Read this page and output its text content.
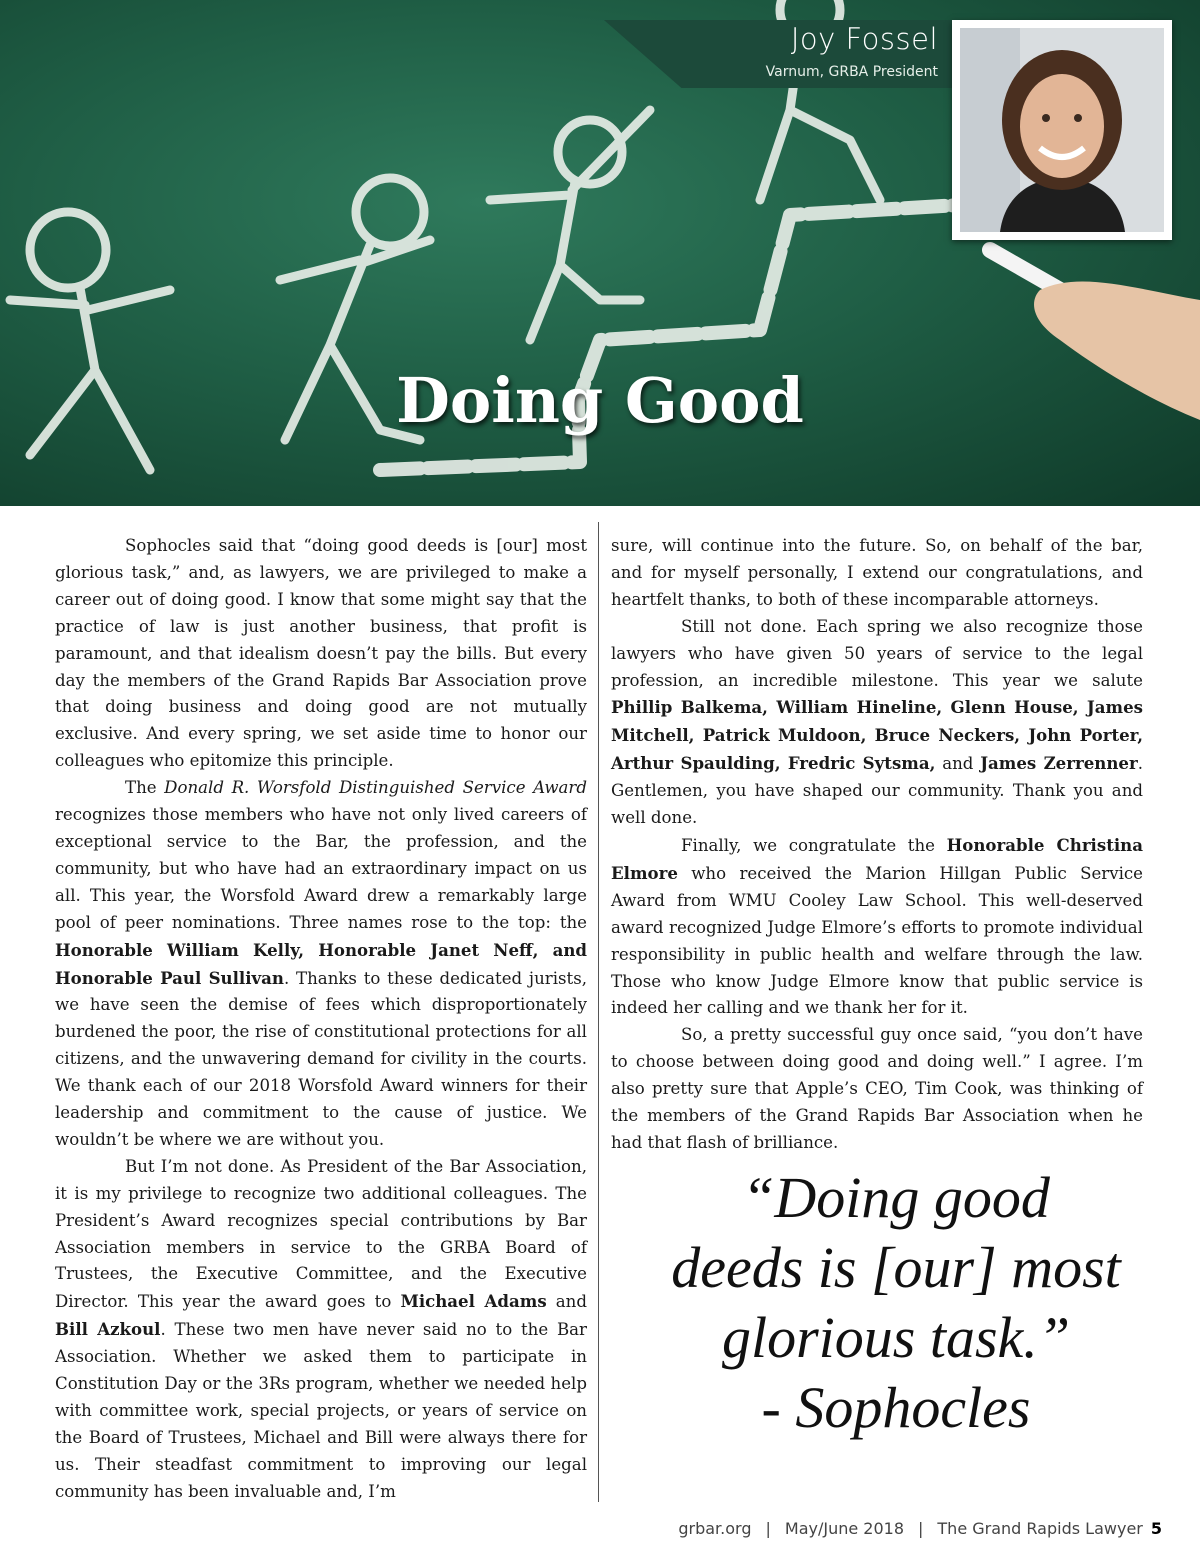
Joy Fossel
Varnum, GRBA President
Doing Good

Sophocles said that “doing good deeds is [our] most glorious task,” and, as lawyers, we are privileged to make a career out of doing good. I know that some might say that the practice of law is just another business, that profit is paramount, and that idealism doesn’t pay the bills. But every day the members of the Grand Rapids Bar Association prove that doing business and doing good are not mutually exclusive. And every spring, we set aside time to honor our colleagues who epitomize this principle.

The Donald R. Worsfold Distinguished Service Award recognizes those members who have not only lived careers of exceptional service to the Bar, the profession, and the community, but who have had an extraordinary impact on us all. This year, the Worsfold Award drew a remarkably large pool of peer nominations. Three names rose to the top: the Honorable William Kelly, Honorable Janet Neff, and Honorable Paul Sullivan. Thanks to these dedicated jurists, we have seen the demise of fees which disproportionately burdened the poor, the rise of constitutional protections for all citizens, and the unwavering demand for civility in the courts. We thank each of our 2018 Worsfold Award winners for their leadership and commitment to the cause of justice. We wouldn’t be where we are without you.

But I’m not done. As President of the Bar Association, it is my privilege to recognize two additional colleagues. The President’s Award recognizes special contributions by Bar Association members in service to the GRBA Board of Trustees, the Executive Committee, and the Executive Director. This year the award goes to Michael Adams and Bill Azkoul. These two men have never said no to the Bar Association. Whether we asked them to participate in Constitution Day or the 3Rs program, whether we needed help with committee work, special projects, or years of service on the Board of Trustees, Michael and Bill were always there for us. Their steadfast commitment to improving our legal community has been invaluable and, I’m

sure, will continue into the future. So, on behalf of the bar, and for myself personally, I extend our congratulations, and heartfelt thanks, to both of these incomparable attorneys.

Still not done. Each spring we also recognize those lawyers who have given 50 years of service to the legal profession, an incredible milestone. This year we salute Phillip Balkema, William Hineline, Glenn House, James Mitchell, Patrick Muldoon, Bruce Neckers, John Porter, Arthur Spaulding, Fredric Sytsma, and James Zerrenner. Gentlemen, you have shaped our community. Thank you and well done.

Finally, we congratulate the Honorable Christina Elmore who received the Marion Hillgan Public Service Award from WMU Cooley Law School. This well-deserved award recognized Judge Elmore’s efforts to promote individual responsibility in public health and welfare through the law. Those who know Judge Elmore know that public service is indeed her calling and we thank her for it.

So, a pretty successful guy once said, “you don’t have to choose between doing good and doing well.” I agree. I’m also pretty sure that Apple’s CEO, Tim Cook, was thinking of the members of the Grand Rapids Bar Association when he had that flash of brilliance.

“Doing good
deeds is [our] most
glorious task.”
- Sophocles
grbar.org | May/June 2018 | The Grand Rapids Lawyer 5
